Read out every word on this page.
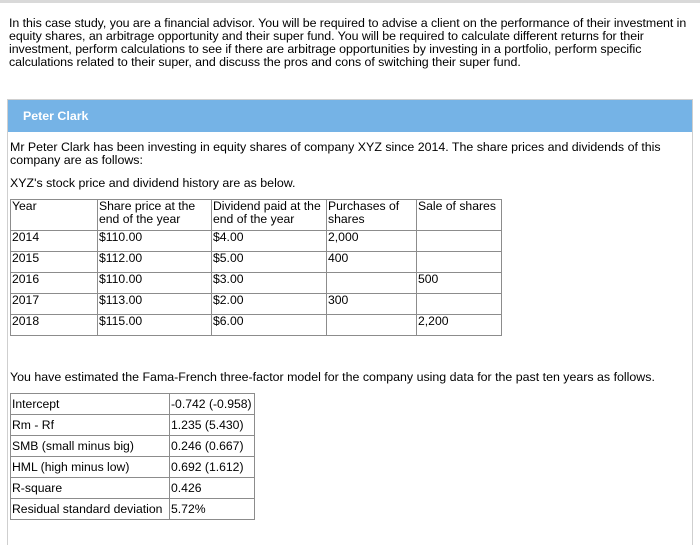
In this case study, you are a financial advisor. You will be required to advise a client on the performance of their investment in equity shares, an arbitrage opportunity and their super fund. You will be required to calculate different returns for their investment, perform calculations to see if there are arbitrage opportunities by investing in a portfolio, perform specific calculations related to their super, and discuss the pros and cons of switching their super fund.
Peter Clark
Mr Peter Clark has been investing in equity shares of company XYZ since 2014. The share prices and dividends of this company are as follows:
XYZ's stock price and dividend history are as below.
Year	Share price at the end of the year	Dividend paid at the end of the year	Purchases of shares	Sale of shares
2014	$110.00	$4.00	2,000	
2015	$112.00	$5.00	400	
2016	$110.00	$3.00		500
2017	$113.00	$2.00	300	
2018	$115.00	$6.00		2,200
You have estimated the Fama-French three-factor model for the company using data for the past ten years as follows.
Intercept	-0.742 (-0.958)
Rm - Rf	1.235 (5.430)
SMB (small minus big)	0.246 (0.667)
HML (high minus low)	0.692 (1.612)
R-square	0.426
Residual standard deviation	5.72%
